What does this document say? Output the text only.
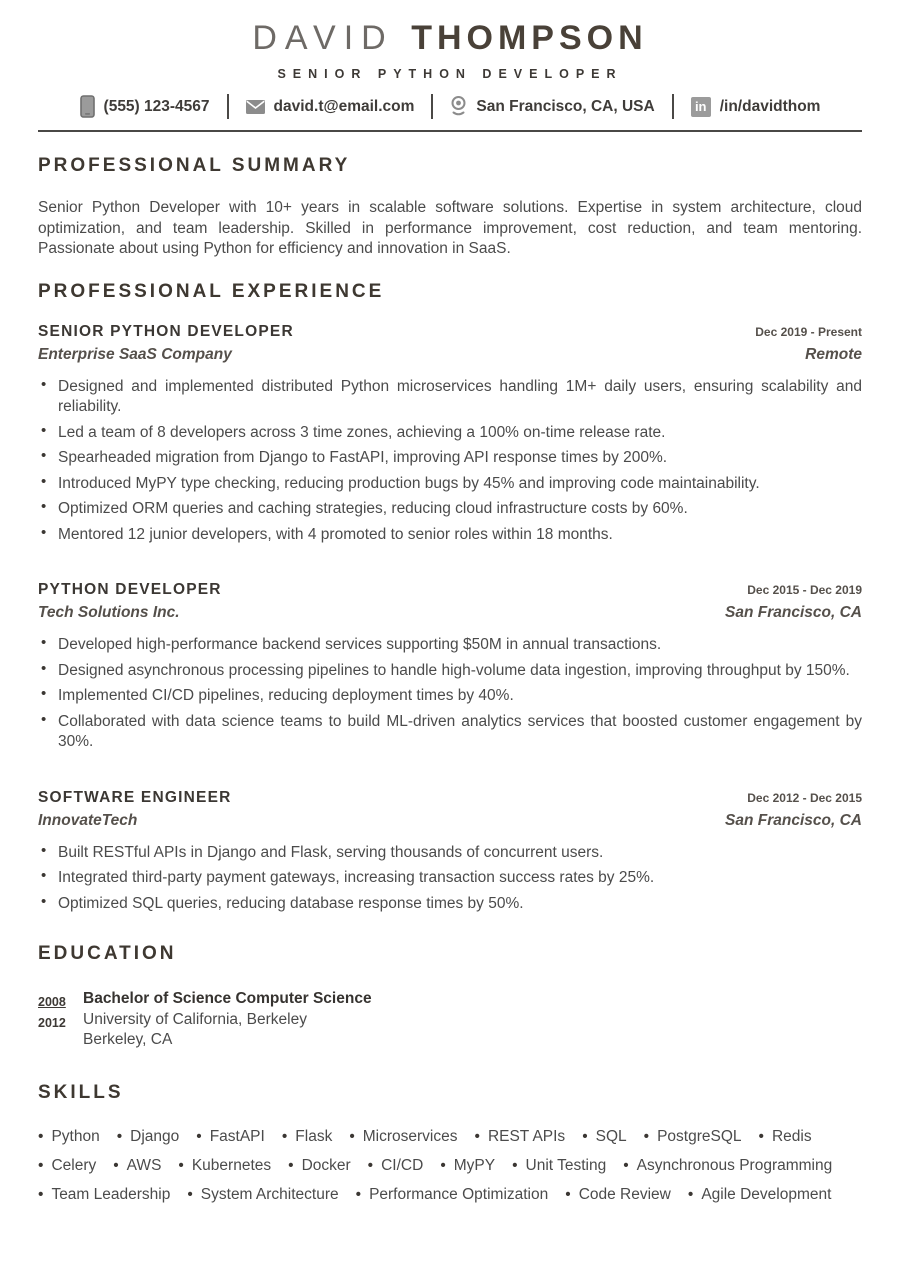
DAVID THOMPSON
SENIOR PYTHON DEVELOPER
(555) 123-4567	david.t@email.com	San Francisco, CA, USA	in /in/davidthom
PROFESSIONAL SUMMARY

Senior Python Developer with 10+ years in scalable software solutions. Expertise in system architecture, cloud optimization, and team leadership. Skilled in performance improvement, cost reduction, and team mentoring. Passionate about using Python for efficiency and innovation in SaaS.

PROFESSIONAL EXPERIENCE
SENIOR PYTHON DEVELOPER	Dec 2019 - Present
Enterprise SaaS Company	Remote
• Designed and implemented distributed Python microservices handling 1M+ daily users, ensuring scalability and reliability.
• Led a team of 8 developers across 3 time zones, achieving a 100% on-time release rate.
• Spearheaded migration from Django to FastAPI, improving API response times by 200%.
• Introduced MyPY type checking, reducing production bugs by 45% and improving code maintainability.
• Optimized ORM queries and caching strategies, reducing cloud infrastructure costs by 60%.
• Mentored 12 junior developers, with 4 promoted to senior roles within 18 months.
PYTHON DEVELOPER	Dec 2015 - Dec 2019
Tech Solutions Inc.	San Francisco, CA
• Developed high-performance backend services supporting $50M in annual transactions.
• Designed asynchronous processing pipelines to handle high-volume data ingestion, improving throughput by 150%.
• Implemented CI/CD pipelines, reducing deployment times by 40%.
• Collaborated with data science teams to build ML-driven analytics services that boosted customer engagement by 30%.
SOFTWARE ENGINEER	Dec 2012 - Dec 2015
InnovateTech	San Francisco, CA
• Built RESTful APIs in Django and Flask, serving thousands of concurrent users.
• Integrated third-party payment gateways, increasing transaction success rates by 25%.
• Optimized SQL queries, reducing database response times by 50%.
EDUCATION
2008
2012
Bachelor of Science Computer Science
University of California, Berkeley
Berkeley, CA
SKILLS
• Python	• Django	• FastAPI	• Flask	• Microservices	• REST APIs	• SQL	• PostgreSQL	• Redis
• Celery	• AWS	• Kubernetes	• Docker	• CI/CD	• MyPY	• Unit Testing	• Asynchronous Programming
• Team Leadership	• System Architecture	• Performance Optimization	• Code Review	• Agile Development
